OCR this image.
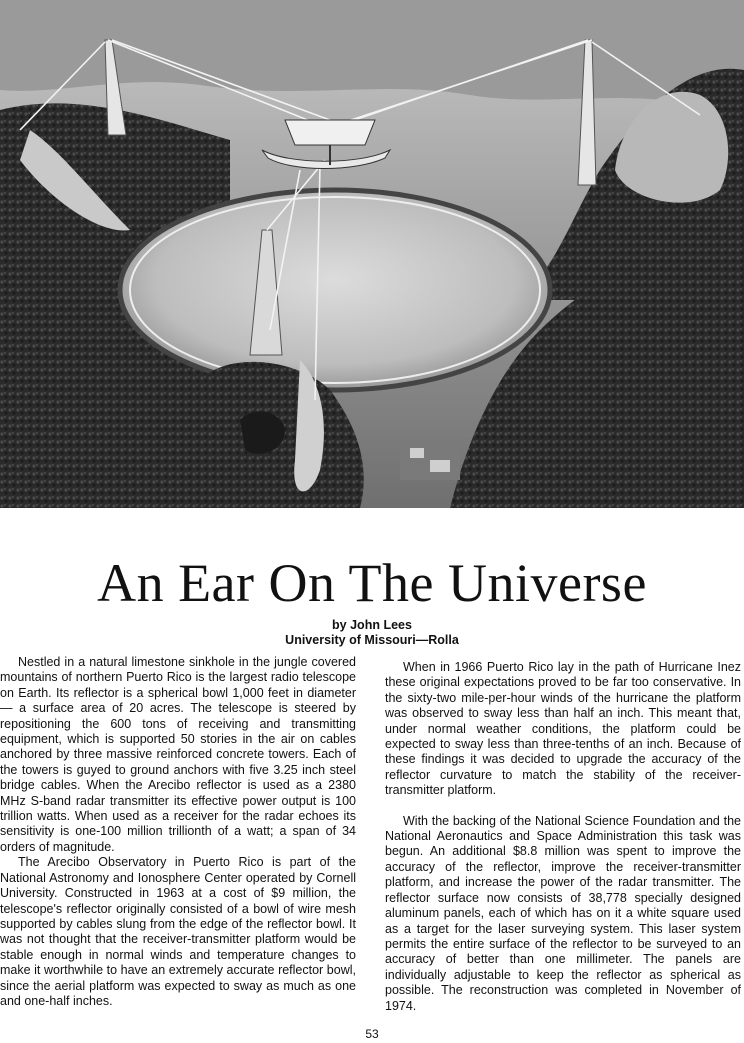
An Ear On The Universe
by John Lees
University of Missouri—Rolla

Nestled in a natural limestone sinkhole in the jungle covered mountains of northern Puerto Rico is the largest radio telescope on Earth. Its reflector is a spherical bowl 1,000 feet in diameter — a surface area of 20 acres. The telescope is steered by repositioning the 600 tons of receiving and transmitting equipment, which is supported 50 stories in the air on cables anchored by three massive reinforced concrete towers. Each of the towers is guyed to ground anchors with five 3.25 inch steel bridge cables. When the Arecibo reflector is used as a 2380 MHz S-band radar transmitter its effective power output is 100 trillion watts. When used as a receiver for the radar echoes its sensitivity is one-100 million trillionth of a watt; a span of 34 orders of magnitude.

The Arecibo Observatory in Puerto Rico is part of the National Astronomy and Ionosphere Center operated by Cornell University. Constructed in 1963 at a cost of $9 million, the telescope's reflector originally consisted of a bowl of wire mesh supported by cables slung from the edge of the reflector bowl. It was not thought that the receiver-transmitter platform would be stable enough in normal winds and temperature changes to make it worthwhile to have an extremely accurate reflector bowl, since the aerial platform was expected to sway as much as one and one-half inches.

When in 1966 Puerto Rico lay in the path of Hurricane Inez these original expectations proved to be far too conservative. In the sixty-two mile-per-hour winds of the hurricane the platform was observed to sway less than half an inch. This meant that, under normal weather conditions, the platform could be expected to sway less than three-tenths of an inch. Because of these findings it was decided to upgrade the accuracy of the reflector curvature to match the stability of the receiver-transmitter platform.

With the backing of the National Science Foundation and the National Aeronautics and Space Administration this task was begun. An additional $8.8 million was spent to improve the accuracy of the reflector, improve the receiver-transmitter platform, and increase the power of the radar transmitter. The reflector surface now consists of 38,778 specially designed aluminum panels, each of which has on it a white square used as a target for the laser surveying system. This laser system permits the entire surface of the reflector to be surveyed to an accuracy of better than one millimeter. The panels are individually adjustable to keep the reflector as spherical as possible. The reconstruction was completed in November of 1974.

53
